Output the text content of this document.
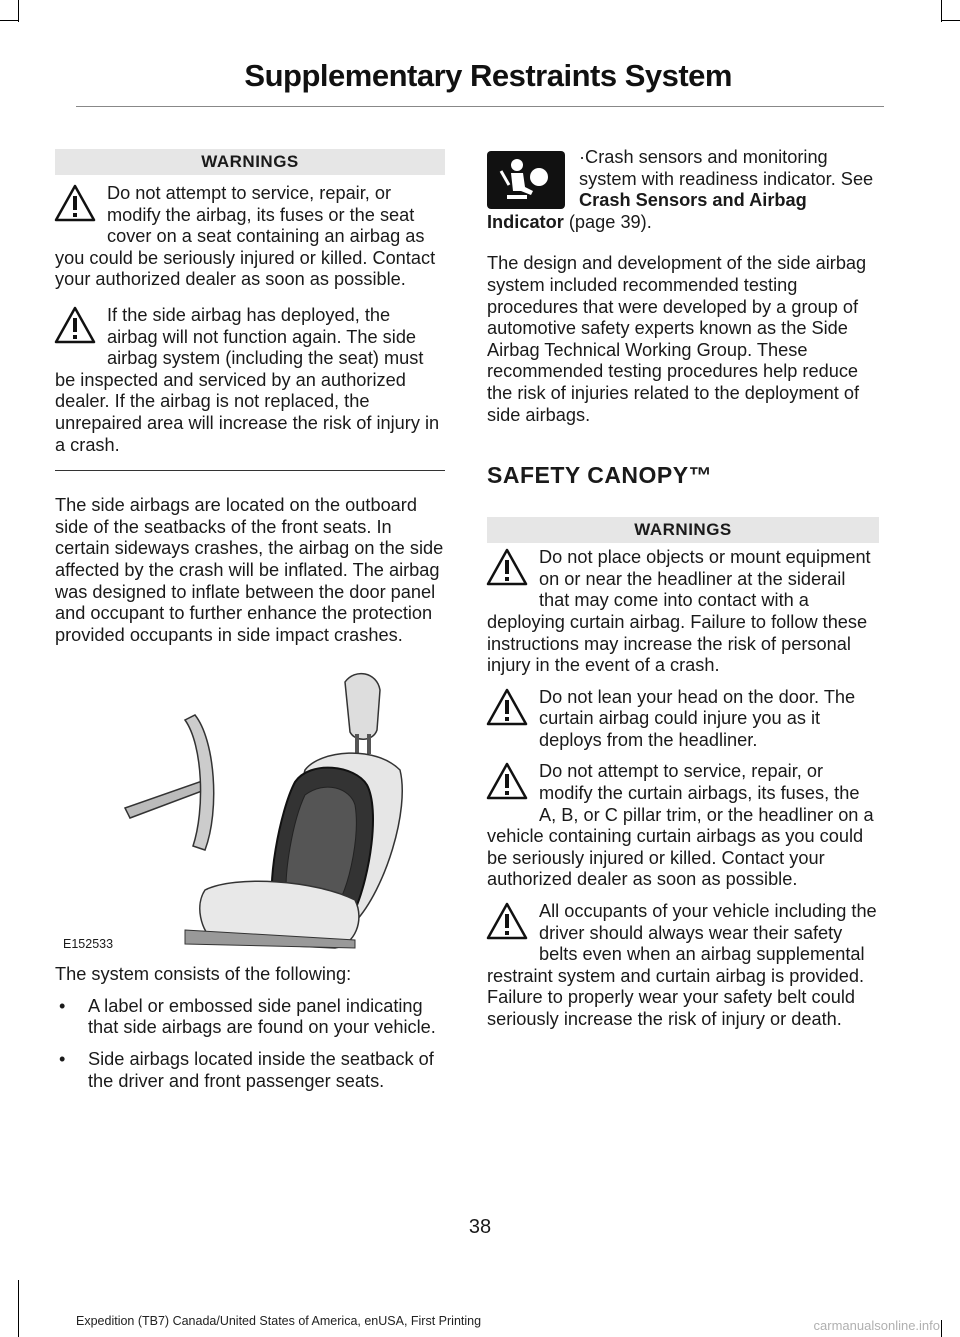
Supplementary Restraints System
WARNINGS
Do not attempt to service, repair, or modify the airbag, its fuses or the seat cover on a seat containing an airbag as you could be seriously injured or killed. Contact your authorized dealer as soon as possible.
If the side airbag has deployed, the airbag will not function again. The side airbag system (including the seat) must be inspected and serviced by an authorized dealer. If the airbag is not replaced, the unrepaired area will increase the risk of injury in a crash.

The side airbags are located on the outboard side of the seatbacks of the front seats. In certain sideways crashes, the airbag on the side affected by the crash will be inflated. The airbag was designed to inflate between the door panel and occupant to further enhance the protection provided occupants in side impact crashes.

E152533

The system consists of the following:

• A label or embossed side panel indicating that side airbags are found on your vehicle.
• Side airbags located inside the seatback of the driver and front passenger seats.
·Crash sensors and monitoring system with readiness indicator. See Crash Sensors and Airbag Indicator (page 39).

The design and development of the side airbag system included recommended testing procedures that were developed by a group of automotive safety experts known as the Side Airbag Technical Working Group. These recommended testing procedures help reduce the risk of injuries related to the deployment of side airbags.

SAFETY CANOPY™
WARNINGS
Do not place objects or mount equipment on or near the headliner at the siderail that may come into contact with a deploying curtain airbag. Failure to follow these instructions may increase the risk of personal injury in the event of a crash.
Do not lean your head on the door. The curtain airbag could injure you as it deploys from the headliner.
Do not attempt to service, repair, or modify the curtain airbags, its fuses, the A, B, or C pillar trim, or the headliner on a vehicle containing curtain airbags as you could be seriously injured or killed. Contact your authorized dealer as soon as possible.
All occupants of your vehicle including the driver should always wear their safety belts even when an airbag supplemental restraint system and curtain airbag is provided. Failure to properly wear your safety belt could seriously increase the risk of injury or death.
38
Expedition (TB7) Canada/United States of America, enUSA, First Printing	carmanualsonline.info
